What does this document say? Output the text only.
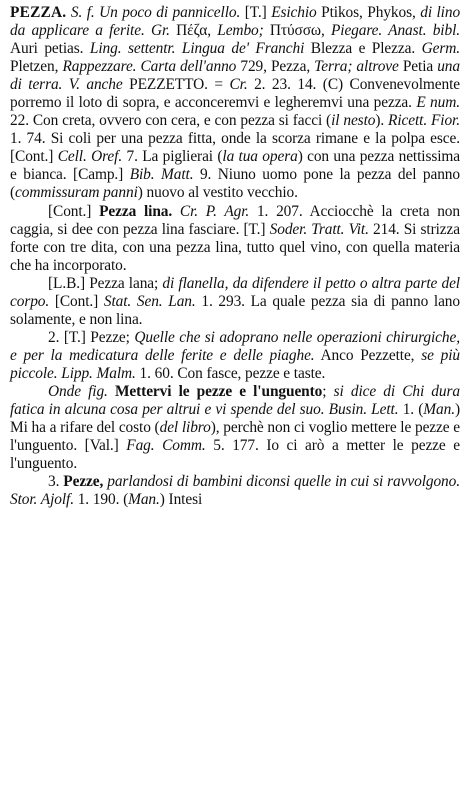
PEZZA. S. f. Un poco di pannicello. [T.] Esichio Ptikos, Phykos, di lino da applicare a ferite. Gr. Πέζα, Lembo; Πτύσσω, Piegare. Anast. bibl. Auri petias. Ling. settentr. Lingua de' Franchi Blezza e Plezza. Germ. Pletzen, Rappezzare. Carta dell'anno 729, Pezza, Terra; altrove Petia una di terra. V. anche PEZZETTO. = Cr. 2. 23. 14. (C) Convenevolmente porremo il loto di sopra, e acconceremvi e legheremvi una pezza. E num. 22. Con creta, ovvero con cera, e con pezza si facci (il nesto). Ricett. Fior. 1. 74. Si coli per una pezza fitta, onde la scorza rimane e la polpa esce. [Cont.] Cell. Oref. 7. La piglierai (la tua opera) con una pezza nettissima e bianca. [Camp.] Bib. Matt. 9. Niuno uomo pone la pezza del panno (commissuram panni) nuovo al vestito vecchio.

[Cont.] Pezza lina. Cr. P. Agr. 1. 207. Acciocchè la creta non caggia, si dee con pezza lina fasciare. [T.] Soder. Tratt. Vit. 214. Si strizza forte con tre dita, con una pezza lina, tutto quel vino, con quella materia che ha incorporato.

[L.B.] Pezza lana; di flanella, da difendere il petto o altra parte del corpo. [Cont.] Stat. Sen. Lan. 1. 293. La quale pezza sia di panno lano solamente, e non lina.

2. [T.] Pezze; Quelle che si adoprano nelle operazioni chirurgiche, e per la medicatura delle ferite e delle piaghe. Anco Pezzette, se più piccole. Lipp. Malm. 1. 60. Con fasce, pezze e taste.

Onde fig. Mettervi le pezze e l'unguento; si dice di Chi dura fatica in alcuna cosa per altrui e vi spende del suo. Busin. Lett. 1. (Man.) Mi ha a rifare del costo (del libro), perchè non ci voglio mettere le pezze e l'unguento. [Val.] Fag. Comm. 5. 177. Io ci arò a metter le pezze e l'unguento.

3. Pezze, parlandosi di bambini diconsi quelle in cui si ravvolgono. Stor. Ajolf. 1. 190. (Man.) Intesi
